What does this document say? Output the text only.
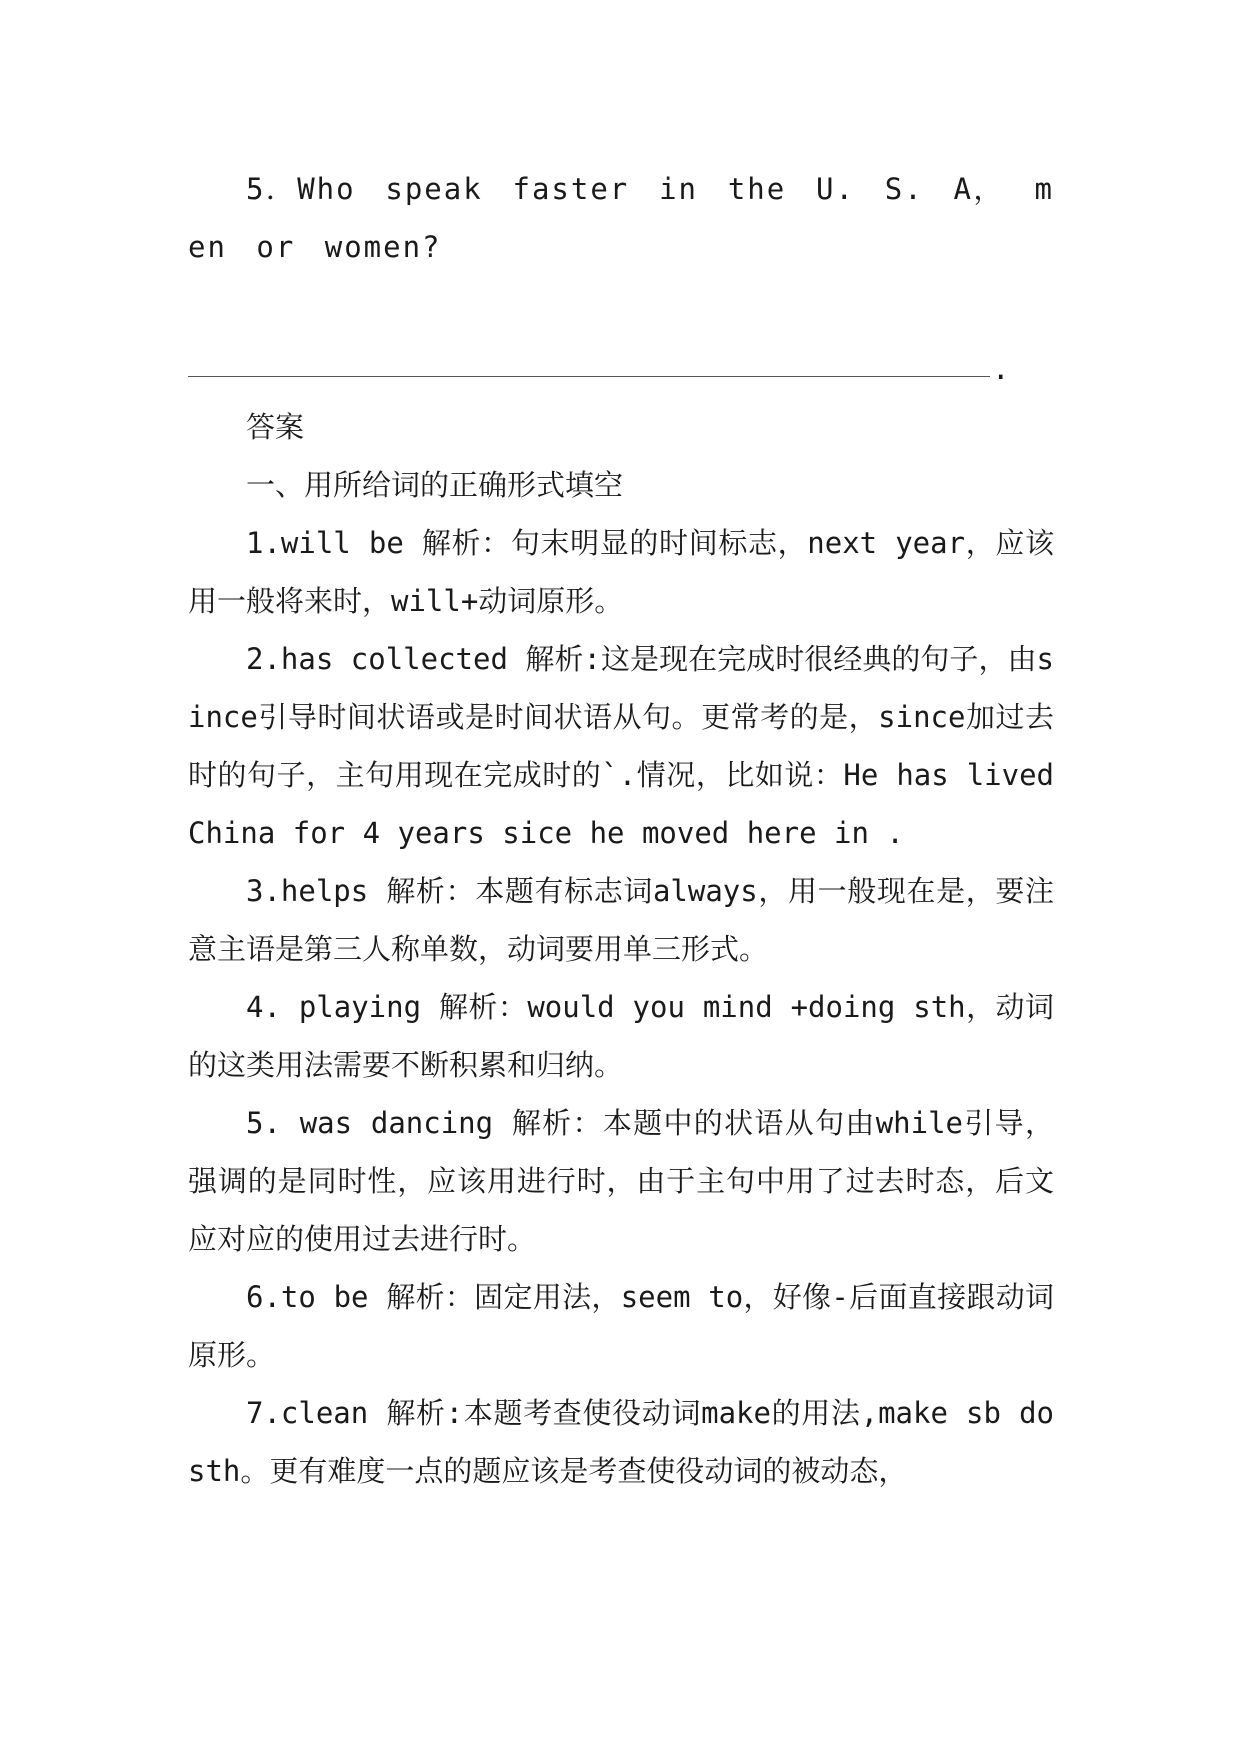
5．Who speak faster in the U. S. A， men or women?

.

答案

一、用所给词的正确形式填空

1.will be 解析：句末明显的时间标志，next year，应该用一般将来时，will+动词原形。

2.has collected 解析:这是现在完成时很经典的句子，由since引导时间状语或是时间状语从句。更常考的是，since加过去时的句子，主句用现在完成时的`.情况，比如说：He has lived China for 4 years sice he moved here in .

3.helps 解析：本题有标志词always，用一般现在是，要注意主语是第三人称单数，动词要用单三形式。

4. playing 解析：would you mind +doing sth，动词的这类用法需要不断积累和归纳。

5. was dancing 解析：本题中的状语从句由while引导，强调的是同时性，应该用进行时，由于主句中用了过去时态，后文应对应的使用过去进行时。

6.to be 解析：固定用法，seem to，好像-后面直接跟动词原形。

7.clean 解析:本题考查使役动词make的用法,make sb do sth。更有难度一点的题应该是考查使役动词的被动态，
